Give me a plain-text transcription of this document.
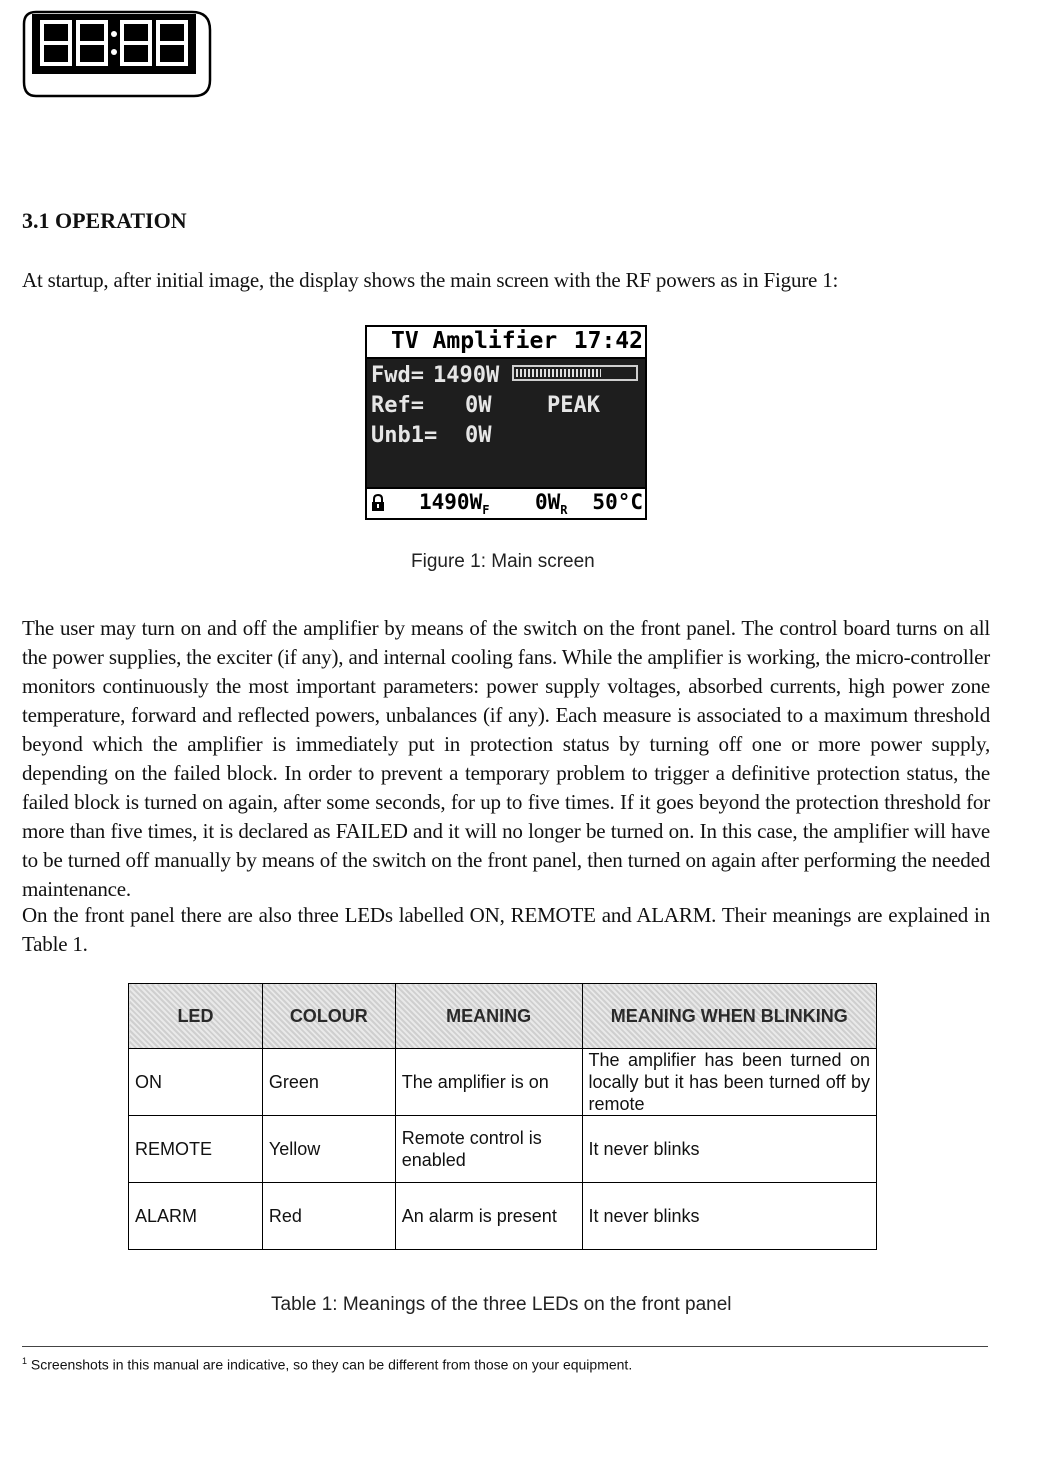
3.1 OPERATION
At startup, after initial image, the display shows the main screen with the RF powers as in Figure 1:
TV Amplifier 17:42
Fwd= 1490W
Ref= 0W	PEAK
Unb1= 0W
$1490W_F$ $0W_R$ 50°C
Figure 1: Main screen
The user may turn on and off the amplifier by means of the switch on the front panel. The control board turns on all the power supplies, the exciter (if any), and internal cooling fans. While the amplifier is working, the micro-controller monitors continuously the most important parameters: power supply voltages, absorbed currents, high power zone temperature, forward and reflected powers, unbalances (if any). Each measure is associated to a maximum threshold beyond which the amplifier is immediately put in protection status by turning off one or more power supply, depending on the failed block. In order to prevent a temporary problem to trigger a definitive protection status, the failed block is turned on again, after some seconds, for up to five times. If it goes beyond the protection threshold for more than five times, it is declared as FAILED and it will no longer be turned on. In this case, the amplifier will have to be turned off manually by means of the switch on the front panel, then turned on again after performing the needed maintenance.
On the front panel there are also three LEDs labelled ON, REMOTE and ALARM. Their meanings are explained in Table 1.
LED	COLOUR	MEANING	MEANING WHEN BLINKING
ON	Green	The amplifier is on	The amplifier has been turned on locally but it has been turned off by remote
REMOTE	Yellow	Remote control is enabled	It never blinks
ALARM	Red	An alarm is present	It never blinks
Table 1: Meanings of the three LEDs on the front panel
$^1$ Screenshots in this manual are indicative, so they can be different from those on your equipment.
